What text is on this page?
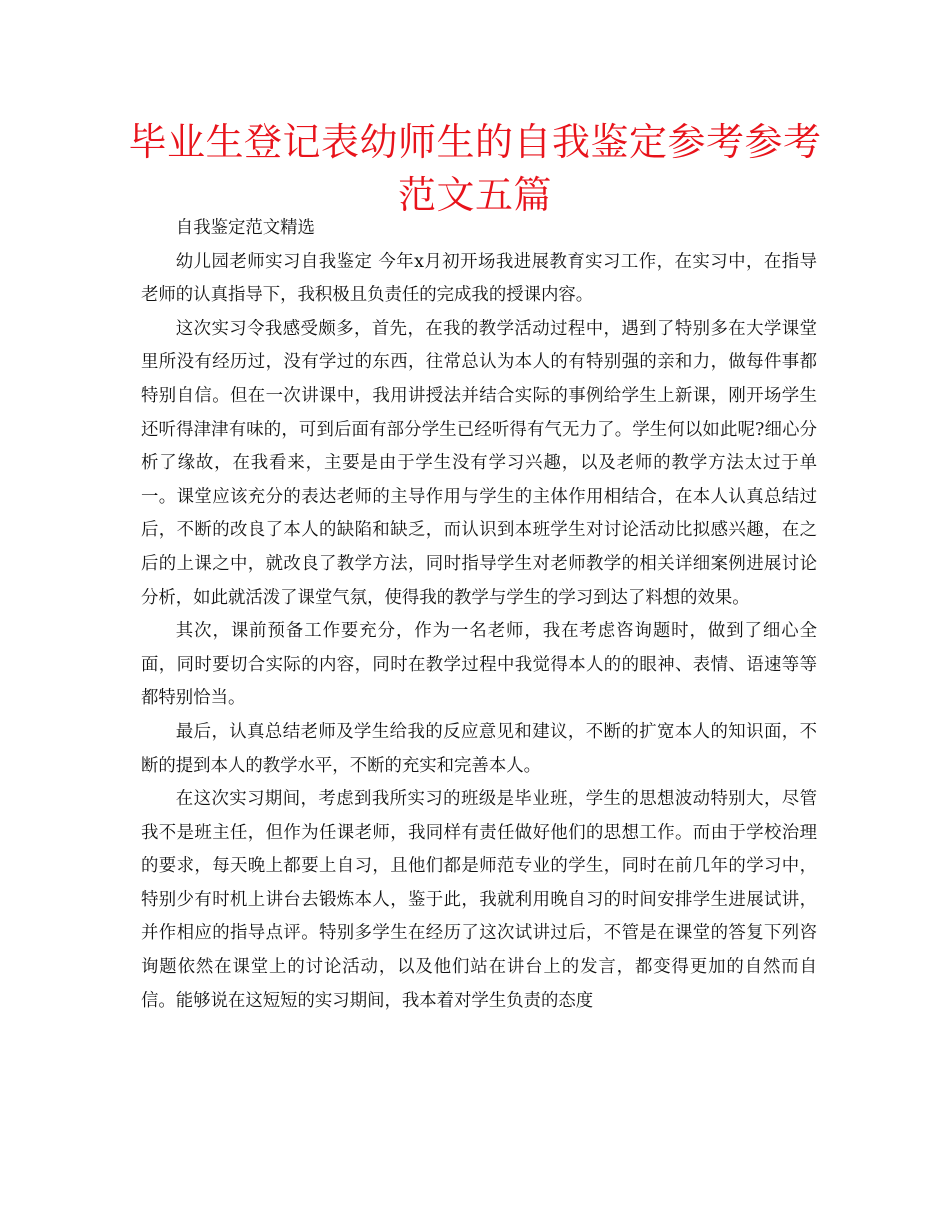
毕业生登记表幼师生的自我鉴定参考参考范文五篇

自我鉴定范文精选

幼儿园老师实习自我鉴定 今年x月初开场我进展教育实习工作，在实习中，在指导老师的认真指导下，我积极且负责任的完成我的授课内容。

这次实习令我感受颇多，首先，在我的教学活动过程中，遇到了特别多在大学课堂里所没有经历过，没有学过的东西，往常总认为本人的有特别强的亲和力，做每件事都特别自信。但在一次讲课中，我用讲授法并结合实际的事例给学生上新课，刚开场学生还听得津津有味的，可到后面有部分学生已经听得有气无力了。学生何以如此呢?细心分析了缘故，在我看来，主要是由于学生没有学习兴趣，以及老师的教学方法太过于单一。课堂应该充分的表达老师的主导作用与学生的主体作用相结合，在本人认真总结过后，不断的改良了本人的缺陷和缺乏，而认识到本班学生对讨论活动比拟感兴趣，在之后的上课之中，就改良了教学方法，同时指导学生对老师教学的相关详细案例进展讨论分析，如此就活泼了课堂气氛，使得我的教学与学生的学习到达了料想的效果。

其次，课前预备工作要充分，作为一名老师，我在考虑咨询题时，做到了细心全面，同时要切合实际的内容，同时在教学过程中我觉得本人的的眼神、表情、语速等等都特别恰当。

最后，认真总结老师及学生给我的反应意见和建议，不断的扩宽本人的知识面，不断的提到本人的教学水平，不断的充实和完善本人。

在这次实习期间，考虑到我所实习的班级是毕业班，学生的思想波动特别大，尽管我不是班主任，但作为任课老师，我同样有责任做好他们的思想工作。而由于学校治理的要求，每天晚上都要上自习，且他们都是师范专业的学生，同时在前几年的学习中，特别少有时机上讲台去锻炼本人，鉴于此，我就利用晚自习的时间安排学生进展试讲，并作相应的指导点评。特别多学生在经历了这次试讲过后，不管是在课堂的答复下列咨询题依然在课堂上的讨论活动，以及他们站在讲台上的发言，都变得更加的自然而自信。能够说在这短短的实习期间，我本着对学生负责的态度
